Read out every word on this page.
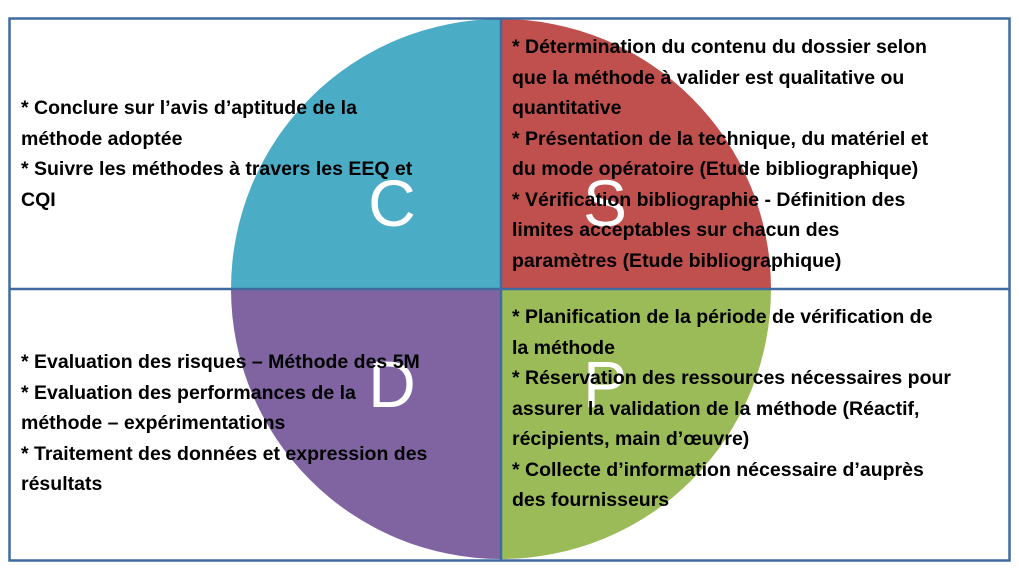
C	S
D	P
* Conclure sur l’avis d’aptitude de la
méthode adoptée
* Suivre les méthodes à travers les EEQ et
CQI
* Détermination du contenu du dossier selon
que la méthode à valider est qualitative ou
quantitative
* Présentation de la technique, du matériel et
du mode opératoire (Etude bibliographique)
* Vérification bibliographie - Définition des
limites acceptables sur chacun des
paramètres (Etude bibliographique)
* Evaluation des risques – Méthode des 5M
* Evaluation des performances de la
méthode – expérimentations
* Traitement des données et expression des
résultats
* Planification de la période de vérification de
la méthode
* Réservation des ressources nécessaires pour
assurer la validation de la méthode (Réactif,
récipients, main d’œuvre)
* Collecte d’information nécessaire d’auprès
des fournisseurs
